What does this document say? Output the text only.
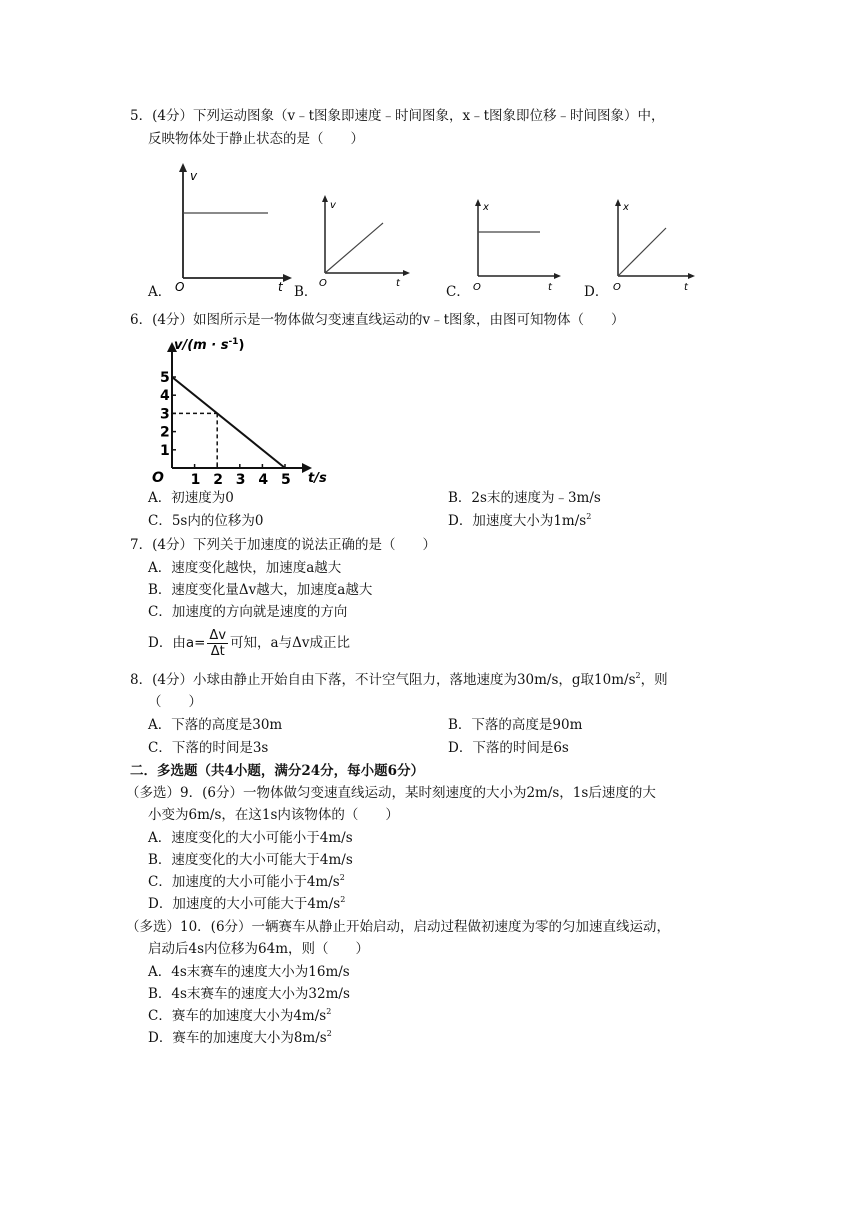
5．(4分）下列运动图象（v﹣t图象即速度﹣时间图象，x﹣t图象即位移﹣时间图象）中，
反映物体处于静止状态的是（　　）
v
O	t
v
O	t
x
O	t
x
O	t
A．	B．	C．	D．
6．(4分）如图所示是一物体做匀变速直线运动的v﹣t图象，由图可知物体（　　）
$v/(m \cdot s^{-1})$
t/s
O
1
2
3
4
5
1 2 3 4 5
A．初速度为0	B．2s末的速度为﹣3m/s
C．5s内的位移为0	D．加速度大小为$1m/s^2$
7．(4分）下列关于加速度的说法正确的是（　　）
A．速度变化越快，加速度a越大
B．速度变化量Δv越大，加速度a越大
C．加速度的方向就是速度的方向
D．由$a= \frac{\Delta v}{\Delta t}$ 可知，a与Δv成正比
8．(4分）小球由静止开始自由下落，不计空气阻力，落地速度为30m/s，g取$10m/s^2$，则
（　　）
A．下落的高度是30m	B．下落的高度是90m
C．下落的时间是3s	D．下落的时间是6s
二．多选题（共4小题，满分24分，每小题6分）
（多选）9．(6分）一物体做匀变速直线运动，某时刻速度的大小为2m/s，1s后速度的大
小变为6m/s，在这1s内该物体的（　　）
A．速度变化的大小可能小于4m/s
B．速度变化的大小可能大于4m/s
C．加速度的大小可能小于$4m/s^2$
D．加速度的大小可能大于$4m/s^2$
（多选）10．(6分）一辆赛车从静止开始启动，启动过程做初速度为零的匀加速直线运动，
启动后4s内位移为64m，则（　　）
A．4s末赛车的速度大小为16m/s
B．4s末赛车的速度大小为32m/s
C．赛车的加速度大小为$4m/s^2$
D．赛车的加速度大小为$8m/s^2$
